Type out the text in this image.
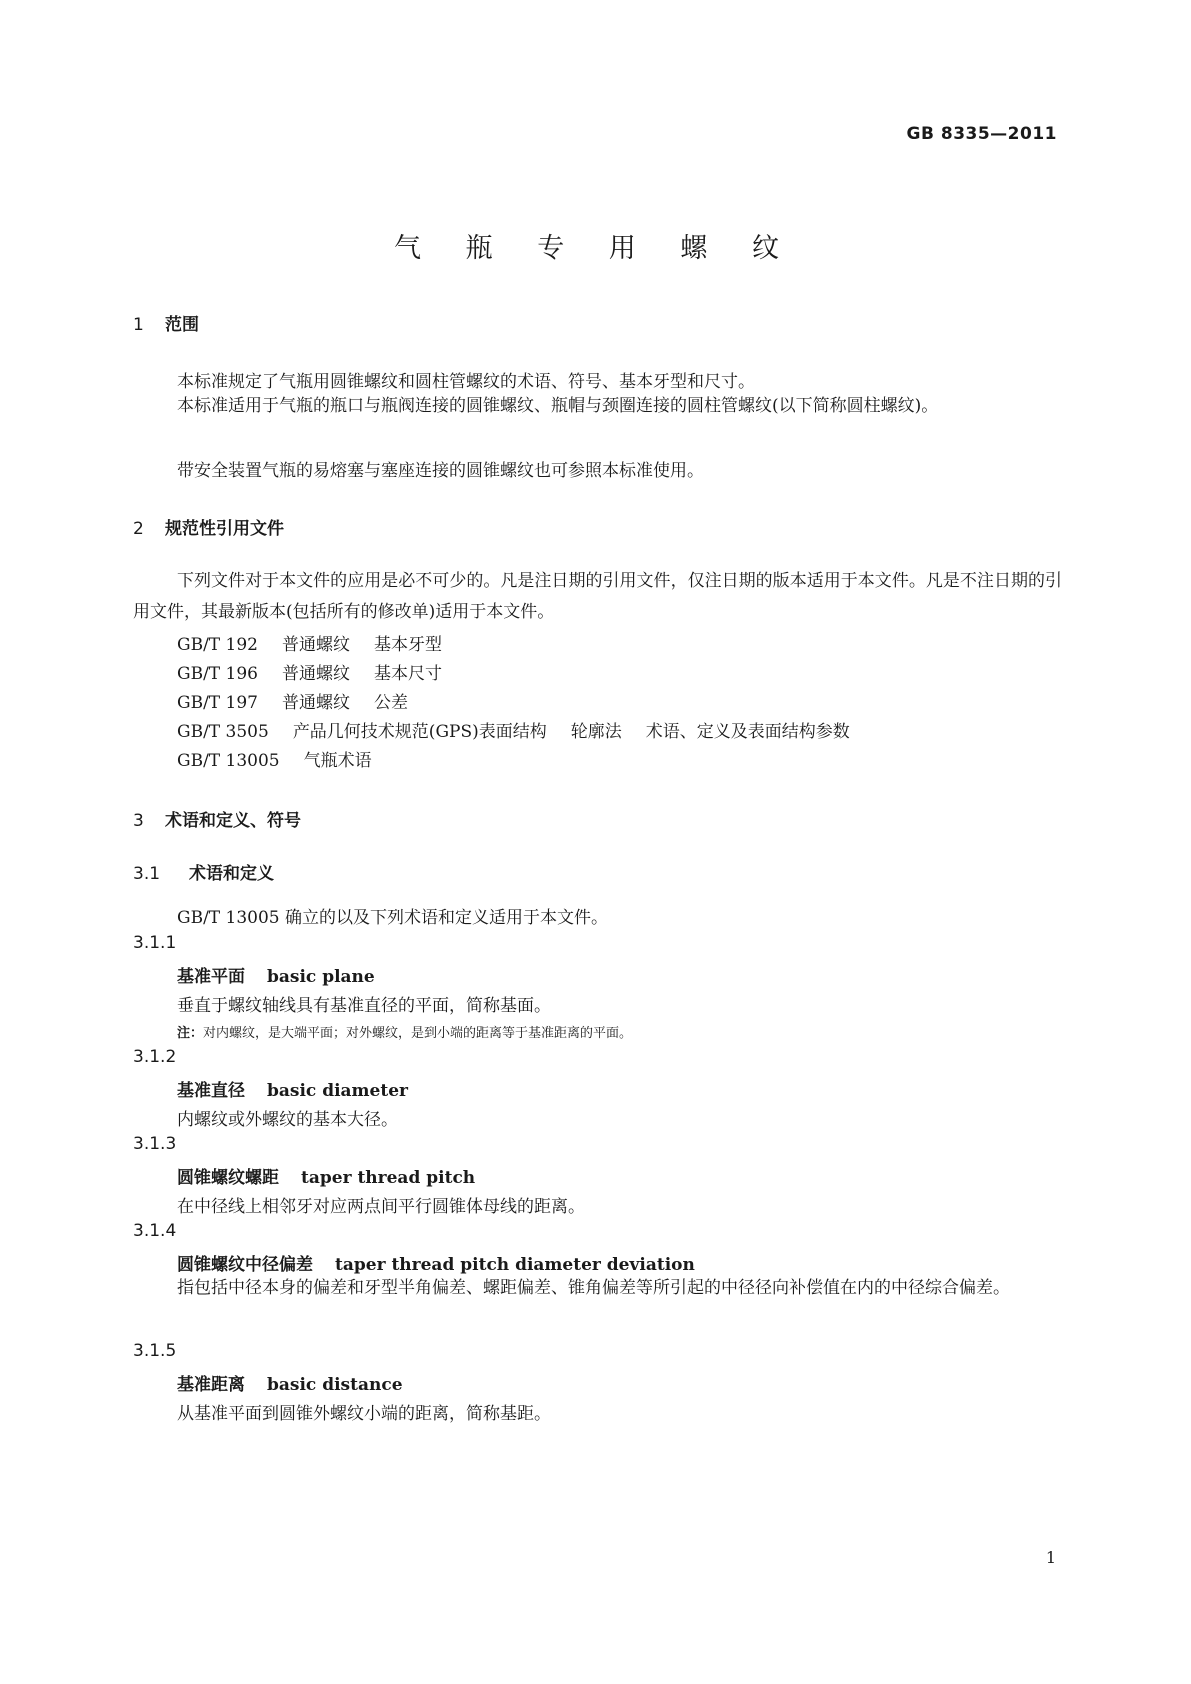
GB 8335—2011
气 瓶 专 用 螺 纹
1 范围
本标准规定了气瓶用圆锥螺纹和圆柱管螺纹的术语、符号、基本牙型和尺寸。
本标准适用于气瓶的瓶口与瓶阀连接的圆锥螺纹、瓶帽与颈圈连接的圆柱管螺纹(以下简称圆柱螺纹)。
带安全装置气瓶的易熔塞与塞座连接的圆锥螺纹也可参照本标准使用。
2 规范性引用文件
下列文件对于本文件的应用是必不可少的。凡是注日期的引用文件，仅注日期的版本适用于本文件。凡是不注日期的引用文件，其最新版本(包括所有的修改单)适用于本文件。
GB/T 192 普通螺纹 基本牙型
GB/T 196 普通螺纹 基本尺寸
GB/T 197 普通螺纹 公差
GB/T 3505 产品几何技术规范(GPS)表面结构 轮廓法 术语、定义及表面结构参数
GB/T 13005 气瓶术语
3 术语和定义、符号
3.1 术语和定义
GB/T 13005 确立的以及下列术语和定义适用于本文件。
3.1.1
基准平面 basic plane
垂直于螺纹轴线具有基准直径的平面，简称基面。
注：对内螺纹，是大端平面；对外螺纹，是到小端的距离等于基准距离的平面。
3.1.2
基准直径 basic diameter
内螺纹或外螺纹的基本大径。
3.1.3
圆锥螺纹螺距 taper thread pitch
在中径线上相邻牙对应两点间平行圆锥体母线的距离。
3.1.4
圆锥螺纹中径偏差 taper thread pitch diameter deviation
指包括中径本身的偏差和牙型半角偏差、螺距偏差、锥角偏差等所引起的中径径向补偿值在内的中径综合偏差。
3.1.5
基准距离 basic distance
从基准平面到圆锥外螺纹小端的距离，简称基距。
1
